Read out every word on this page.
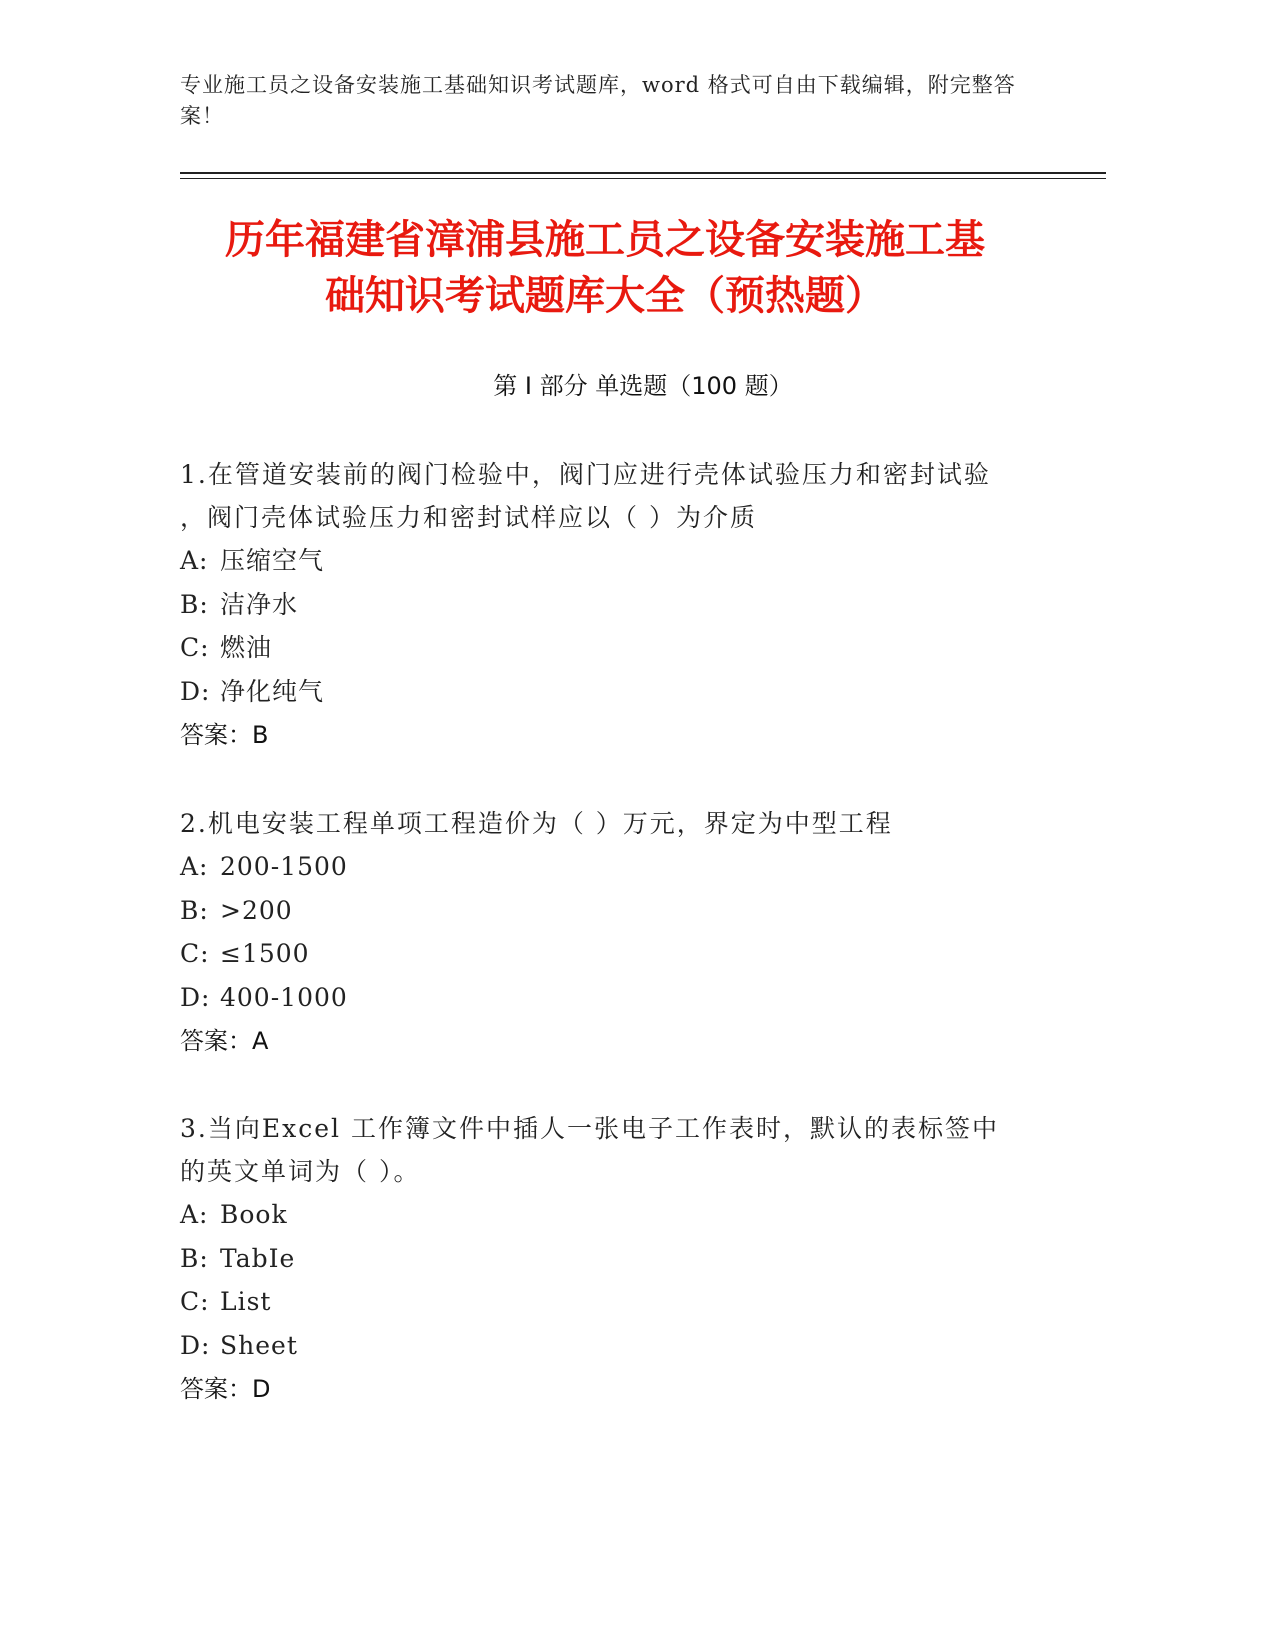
专业施工员之设备安装施工基础知识考试题库，word 格式可自由下载编辑，附完整答案！
历年福建省漳浦县施工员之设备安装施工基
础知识考试题库大全（预热题）
第 I 部分 单选题（100 题）
1.在管道安装前的阀门检验中，阀门应进行壳体试验压力和密封试验
，阀门壳体试验压力和密封试样应以（ ）为介质
A: 压缩空气
B: 洁净水
C: 燃油
D: 净化纯气
答案：B
2.机电安装工程单项工程造价为（ ）万元，界定为中型工程
A: 200-1500
B: >200
C: ≤1500
D: 400-1000
答案：A
3.当向Excel 工作簿文件中插人一张电子工作表时，默认的表标签中
的英文单词为（ ）。
A: Book
B: TabIe
C: List
D: Sheet
答案：D
